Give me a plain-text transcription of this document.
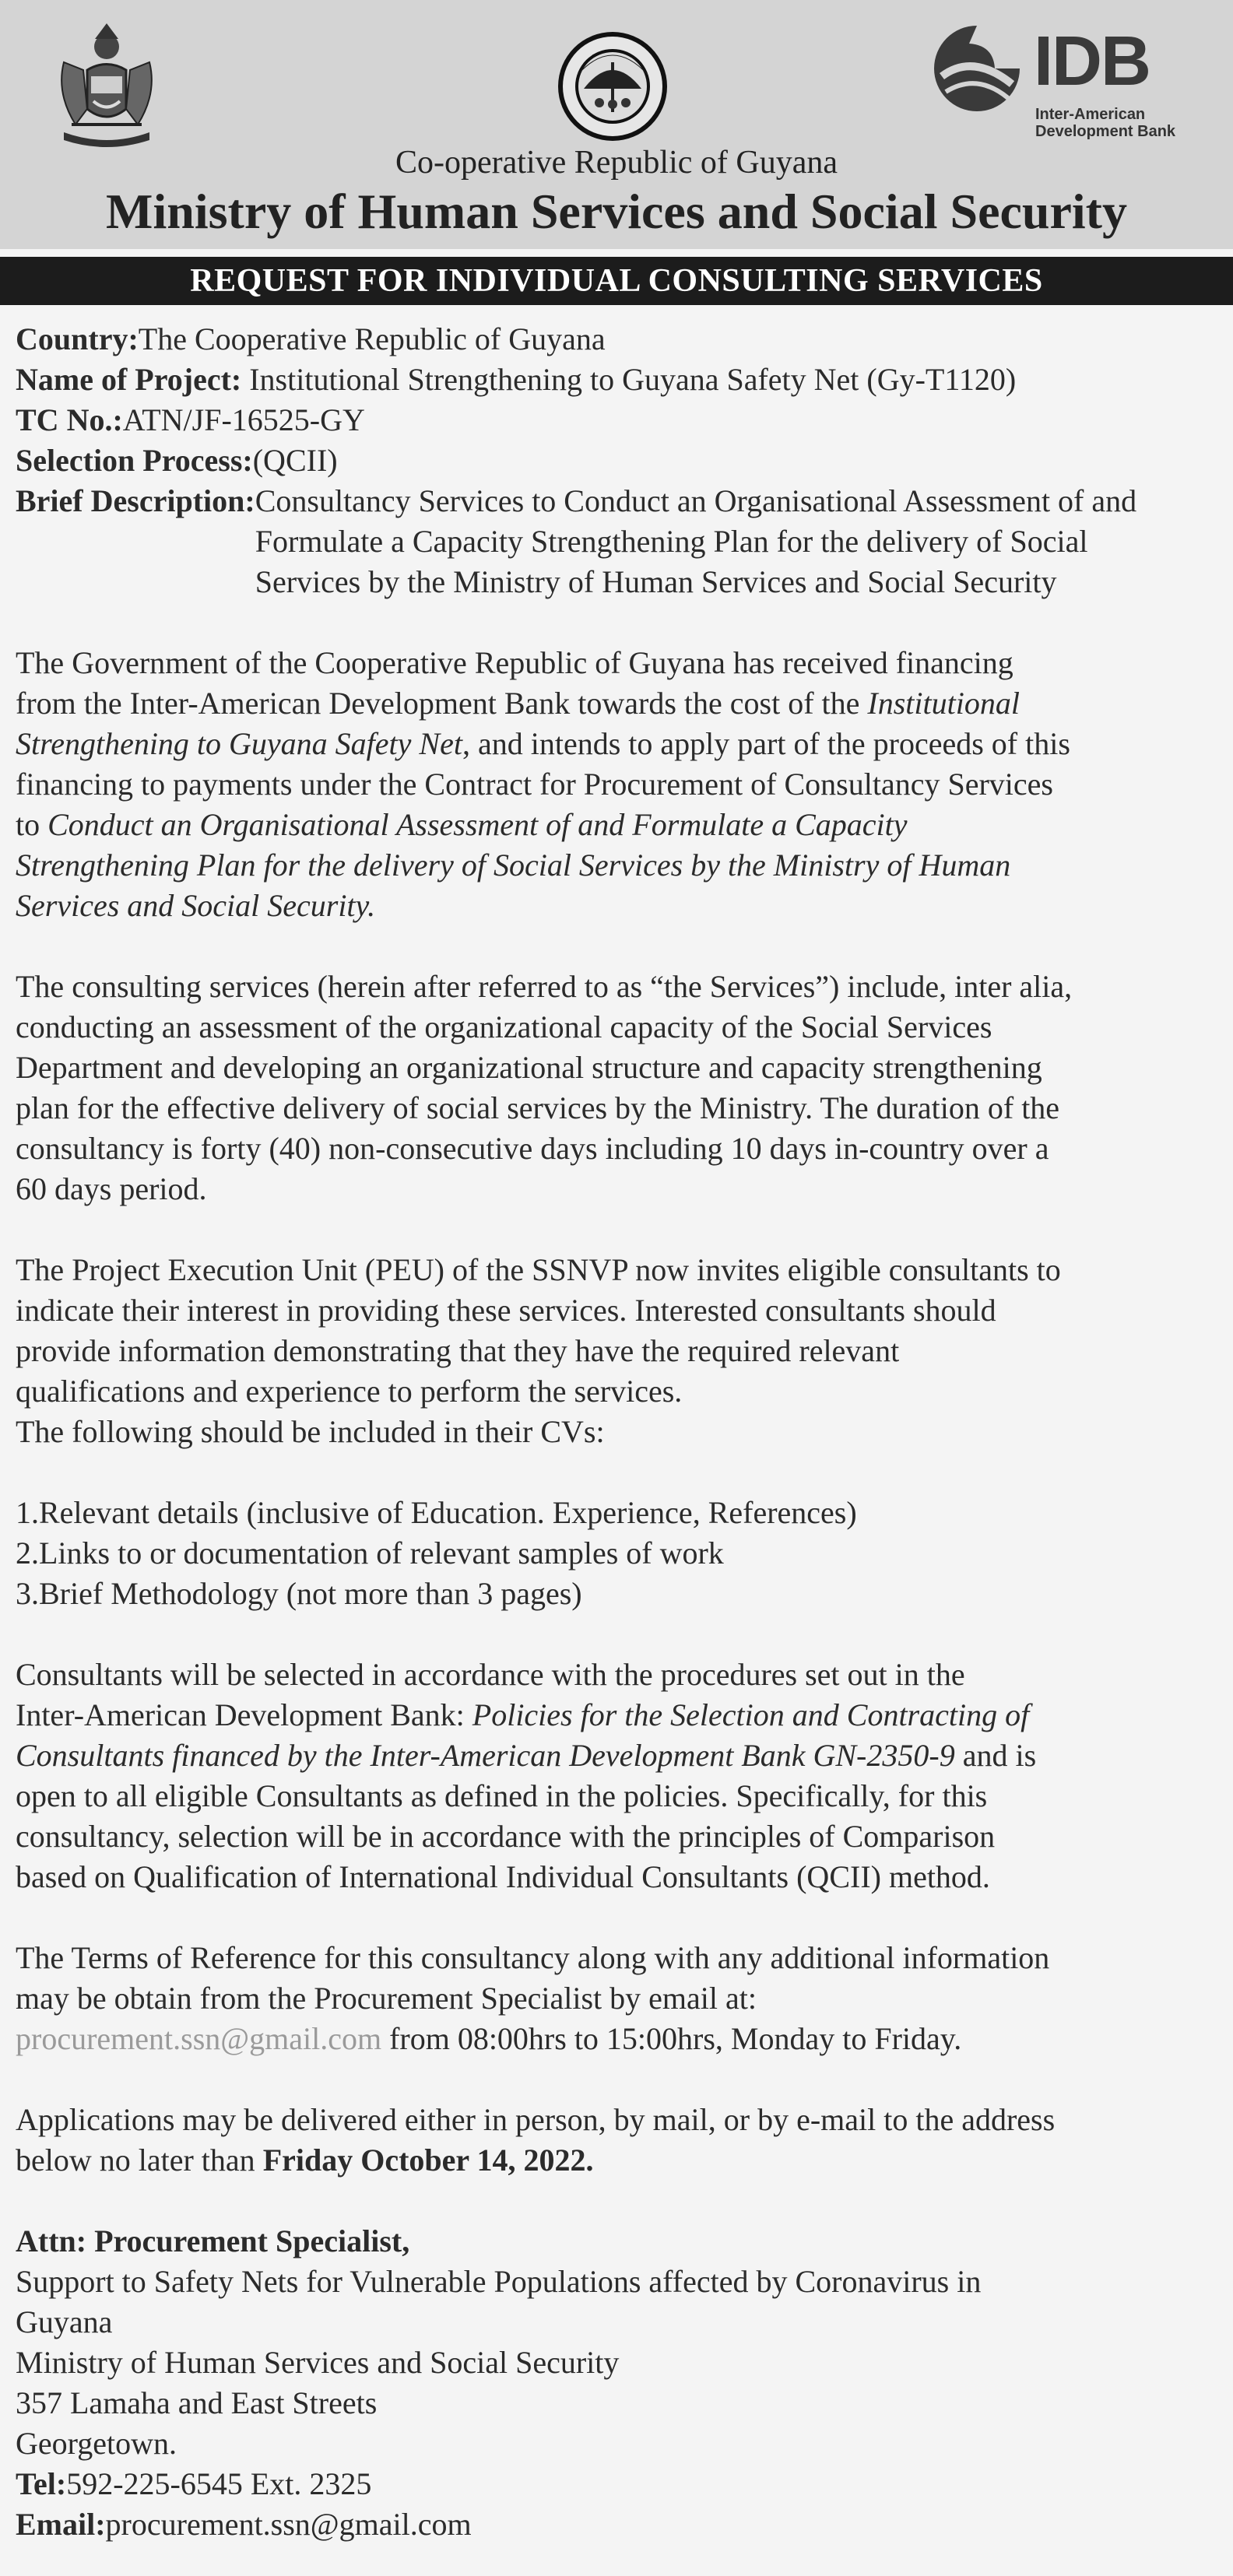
IDB
Inter-American
Development Bank
Co-operative Republic of Guyana
Ministry of Human Services and Social Security
REQUEST FOR INDIVIDUAL CONSULTING SERVICES
Country:The Cooperative Republic of Guyana
Name of Project: Institutional Strengthening to Guyana Safety Net (Gy-T1120)
TC No.:ATN/JF-16525-GY
Selection Process:(QCII)
Brief Description: Consultancy Services to Conduct an Organisational Assessment of and Formulate a Capacity Strengthening Plan for the delivery of Social Services by the Ministry of Human Services and Social Security
The Government of the Cooperative Republic of Guyana has received financing
from the Inter-American Development Bank towards the cost of the Institutional
Strengthening to Guyana Safety Net, and intends to apply part of the proceeds of this
financing to payments under the Contract for Procurement of Consultancy Services
to Conduct an Organisational Assessment of and Formulate a Capacity
Strengthening Plan for the delivery of Social Services by the Ministry of Human
Services and Social Security.
The consulting services (herein after referred to as “the Services”) include, inter alia,
conducting an assessment of the organizational capacity of the Social Services
Department and developing an organizational structure and capacity strengthening
plan for the effective delivery of social services by the Ministry. The duration of the
consultancy is forty (40) non-consecutive days including 10 days in-country over a
60 days period.
The Project Execution Unit (PEU) of the SSNVP now invites eligible consultants to
indicate their interest in providing these services. Interested consultants should
provide information demonstrating that they have the required relevant
qualifications and experience to perform the services.
The following should be included in their CVs:
1.Relevant details (inclusive of Education. Experience, References)
2.Links to or documentation of relevant samples of work
3.Brief Methodology (not more than 3 pages)
Consultants will be selected in accordance with the procedures set out in the
Inter-American Development Bank: Policies for the Selection and Contracting of
Consultants financed by the Inter-American Development Bank GN-2350-9 and is
open to all eligible Consultants as defined in the policies. Specifically, for this
consultancy, selection will be in accordance with the principles of Comparison
based on Qualification of International Individual Consultants (QCII) method.
The Terms of Reference for this consultancy along with any additional information
may be obtain from the Procurement Specialist by email at:
procurement.ssn@gmail.com from 08:00hrs to 15:00hrs, Monday to Friday.
Applications may be delivered either in person, by mail, or by e-mail to the address
below no later than Friday October 14, 2022.
Attn: Procurement Specialist,
Support to Safety Nets for Vulnerable Populations affected by Coronavirus in
Guyana
Ministry of Human Services and Social Security
357 Lamaha and East Streets
Georgetown.
Tel:592-225-6545 Ext. 2325
Email:procurement.ssn@gmail.com
